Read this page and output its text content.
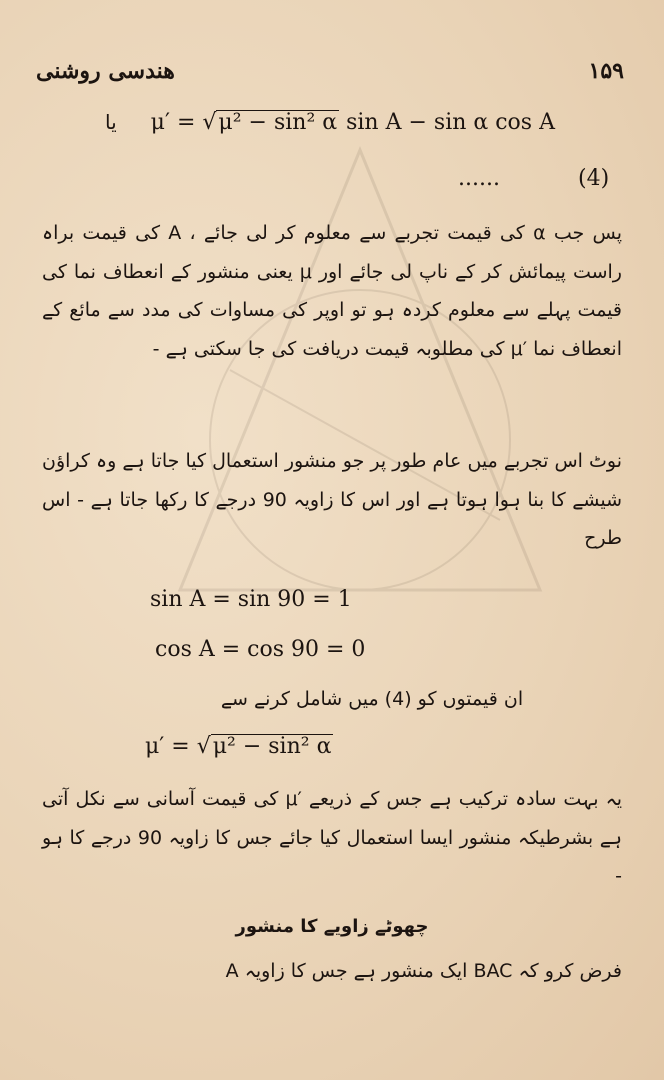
هندسی روشنی	۱۵۹
یا μ′ = √μ² − sin² α sin A − sin α cos A
......	(4)
پس جب α کی قیمت تجربے سے معلوم کر لی جائے ، A کی قیمت براہ راست پیمائش کر کے ناپ لی جائے اور μ یعنی منشور کے انعطاف نما کی قیمت پہلے سے معلوم کردہ ہو تو اوپر کی مساوات کی مدد سے مائع کے انعطاف نما ′μ کی مطلوبہ قیمت دریافت کی جا سکتی ہے -
نوٹ اس تجربے میں عام طور پر جو منشور استعمال کیا جاتا ہے وہ کراؤن شیشے کا بنا ہوا ہوتا ہے اور اس کا زاویہ 90 درجے کا رکھا جاتا ہے - اس طرح
sin A = sin 90 = 1
cos A = cos 90 = 0
ان قیمتوں کو (4) میں شامل کرنے سے
μ′ = √μ² − sin² α
یہ بہت سادہ ترکیب ہے جس کے ذریعے ′μ کی قیمت آسانی سے نکل آتی ہے بشرطیکہ منشور ایسا استعمال کیا جائے جس کا زاویہ 90 درجے کا ہو -
چھوٹے زاویے کا منشور
فرض کرو کہ BAC ایک منشور ہے جس کا زاویہ A
